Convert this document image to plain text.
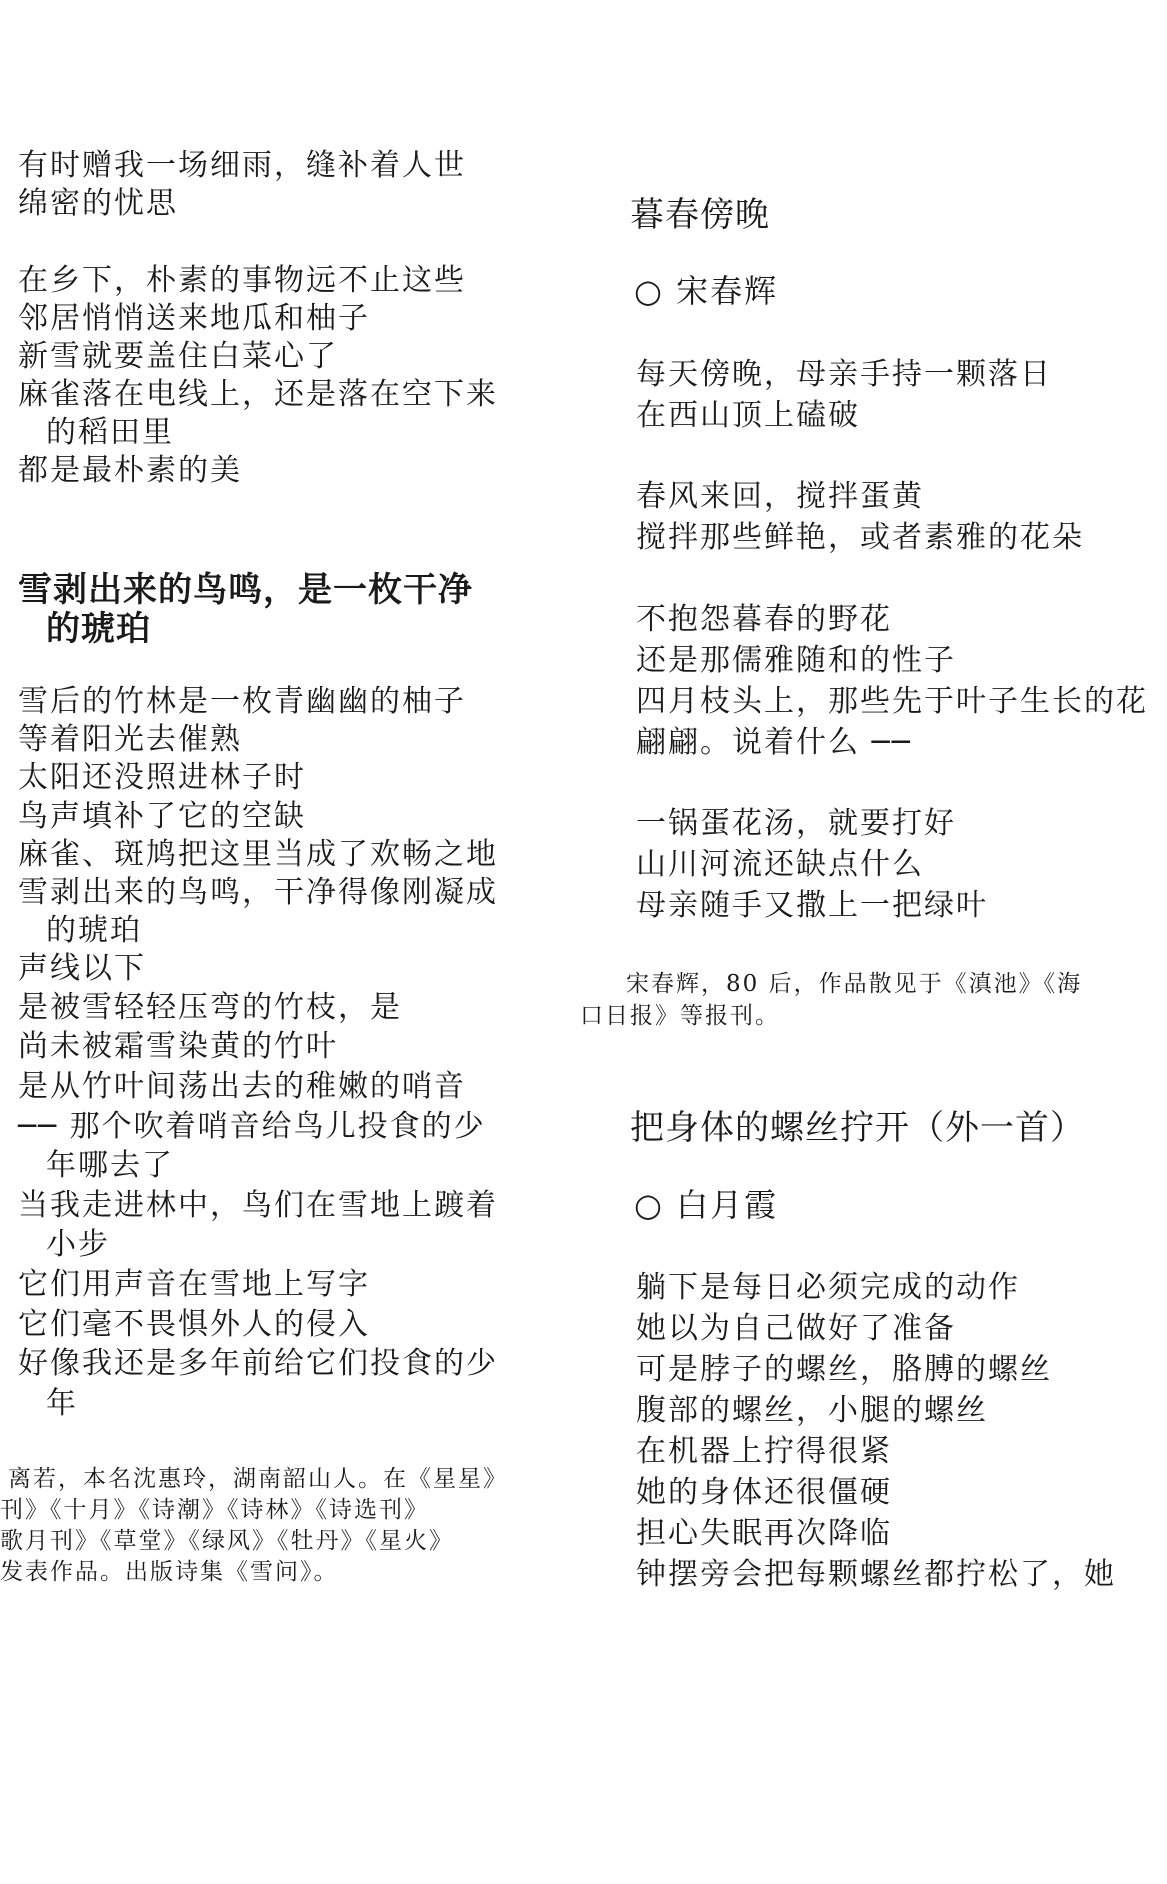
有时赠我一场细雨，缝补着人世
绵密的忧思
在乡下，朴素的事物远不止这些
邻居悄悄送来地瓜和柚子
新雪就要盖住白菜心了
麻雀落在电线上，还是落在空下来
的稻田里
都是最朴素的美
雪剥出来的鸟鸣，是一枚干净
的琥珀
雪后的竹林是一枚青幽幽的柚子
等着阳光去催熟
太阳还没照进林子时
鸟声填补了它的空缺
麻雀、斑鸠把这里当成了欢畅之地
雪剥出来的鸟鸣，干净得像刚凝成
的琥珀
声线以下
是被雪轻轻压弯的竹枝，是
尚未被霜雪染黄的竹叶
是从竹叶间荡出去的稚嫩的哨音
── 那个吹着哨音给鸟儿投食的少
年哪去了
当我走进林中，鸟们在雪地上踱着
小步
它们用声音在雪地上写字
它们毫不畏惧外人的侵入
好像我还是多年前给它们投食的少
年
离若，本名沈惠玲，湖南韶山人。在《星星》
刊》《十月》《诗潮》《诗林》《诗选刊》
歌月刊》《草堂》《绿风》《牡丹》《星火》
发表作品。出版诗集《雪问》。
暮春傍晚
○ 宋春辉
每天傍晚，母亲手持一颗落日
在西山顶上磕破
春风来回，搅拌蛋黄
搅拌那些鲜艳，或者素雅的花朵
不抱怨暮春的野花
还是那儒雅随和的性子
四月枝头上，那些先于叶子生长的花
翩翩。说着什么 ──
一锅蛋花汤，就要打好
山川河流还缺点什么
母亲随手又撒上一把绿叶
宋春辉，80 后，作品散见于《滇池》《海
口日报》等报刊。
把身体的螺丝拧开（外一首）
○ 白月霞
躺下是每日必须完成的动作
她以为自己做好了准备
可是脖子的螺丝，胳膊的螺丝
腹部的螺丝，小腿的螺丝
在机器上拧得很紧
她的身体还很僵硬
担心失眠再次降临
钟摆旁会把每颗螺丝都拧松了，她
